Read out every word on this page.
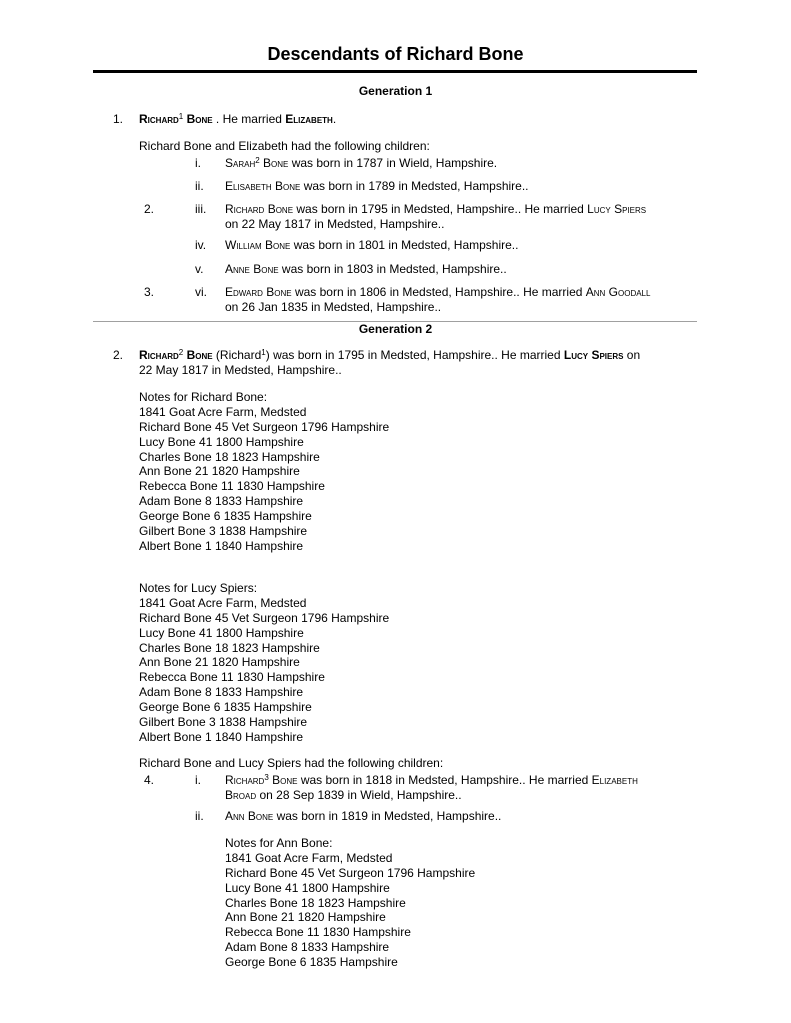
Descendants of Richard Bone
Generation 1
1. Richard$^1$ Bone . He married Elizabeth.
Richard Bone and Elizabeth had the following children:
i. Sarah$^2$ Bone was born in 1787 in Wield, Hampshire.
ii. Elisabeth Bone was born in 1789 in Medsted, Hampshire..
2.	iii. Richard Bone was born in 1795 in Medsted, Hampshire.. He married Lucy Spiers
on 22 May 1817 in Medsted, Hampshire..
iv. William Bone was born in 1801 in Medsted, Hampshire..
v. Anne Bone was born in 1803 in Medsted, Hampshire..
3.	vi. Edward Bone was born in 1806 in Medsted, Hampshire.. He married Ann Goodall
on 26 Jan 1835 in Medsted, Hampshire..
Generation 2
2. Richard$^2$ Bone (Richard$^1$) was born in 1795 in Medsted, Hampshire.. He married Lucy Spiers on
22 May 1817 in Medsted, Hampshire..
Notes for Richard Bone:
1841 Goat Acre Farm, Medsted
Richard Bone 45 Vet Surgeon 1796 Hampshire
Lucy Bone 41 1800 Hampshire
Charles Bone 18 1823 Hampshire
Ann Bone 21 1820 Hampshire
Rebecca Bone 11 1830 Hampshire
Adam Bone 8 1833 Hampshire
George Bone 6 1835 Hampshire
Gilbert Bone 3 1838 Hampshire
Albert Bone 1 1840 Hampshire
Notes for Lucy Spiers:
1841 Goat Acre Farm, Medsted
Richard Bone 45 Vet Surgeon 1796 Hampshire
Lucy Bone 41 1800 Hampshire
Charles Bone 18 1823 Hampshire
Ann Bone 21 1820 Hampshire
Rebecca Bone 11 1830 Hampshire
Adam Bone 8 1833 Hampshire
George Bone 6 1835 Hampshire
Gilbert Bone 3 1838 Hampshire
Albert Bone 1 1840 Hampshire
Richard Bone and Lucy Spiers had the following children:
4.	i. Richard$^3$ Bone was born in 1818 in Medsted, Hampshire.. He married Elizabeth
Broad on 28 Sep 1839 in Wield, Hampshire..
ii. Ann Bone was born in 1819 in Medsted, Hampshire..
Notes for Ann Bone:
1841 Goat Acre Farm, Medsted
Richard Bone 45 Vet Surgeon 1796 Hampshire
Lucy Bone 41 1800 Hampshire
Charles Bone 18 1823 Hampshire
Ann Bone 21 1820 Hampshire
Rebecca Bone 11 1830 Hampshire
Adam Bone 8 1833 Hampshire
George Bone 6 1835 Hampshire
